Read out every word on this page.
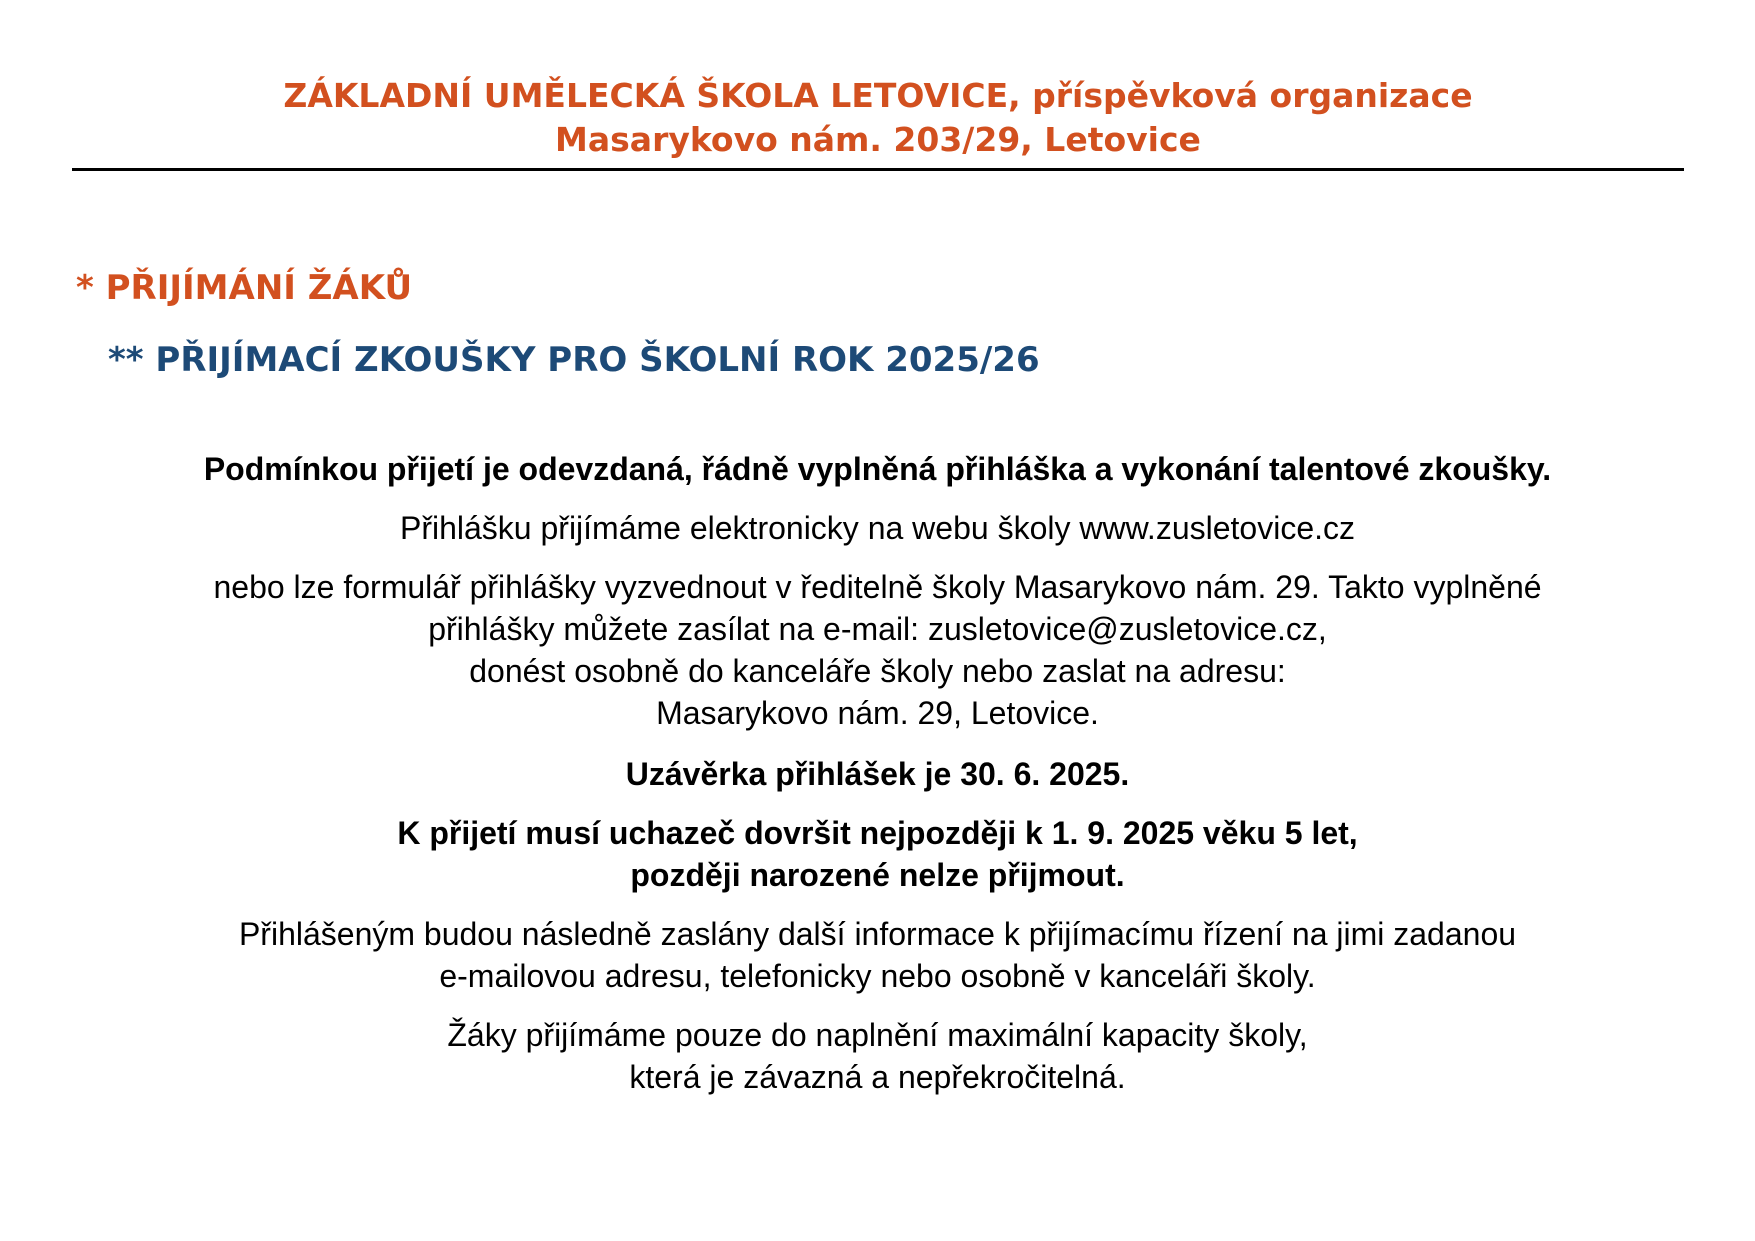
ZÁKLADNÍ UMĚLECKÁ ŠKOLA LETOVICE, příspěvková organizace
Masarykovo nám. 203/29, Letovice
* PŘIJÍMÁNÍ ŽÁKŮ
** PŘIJÍMACÍ ZKOUŠKY PRO ŠKOLNÍ ROK 2025/26
Podmínkou přijetí je odevzdaná, řádně vyplněná přihláška a vykonání talentové zkoušky.
Přihlášku přijímáme elektronicky na webu školy www.zusletovice.cz
nebo lze formulář přihlášky vyzvednout v ředitelně školy Masarykovo nám. 29. Takto vyplněné
přihlášky můžete zasílat na e-mail: zusletovice@zusletovice.cz,
donést osobně do kanceláře školy nebo zaslat na adresu:
Masarykovo nám. 29, Letovice.
Uzávěrka přihlášek je 30. 6. 2025.
K přijetí musí uchazeč dovršit nejpozději k 1. 9. 2025 věku 5 let,
později narozené nelze přijmout.
Přihlášeným budou následně zaslány další informace k přijímacímu řízení na jimi zadanou
e-mailovou adresu, telefonicky nebo osobně v kanceláři školy.
Žáky přijímáme pouze do naplnění maximální kapacity školy,
která je závazná a nepřekročitelná.
